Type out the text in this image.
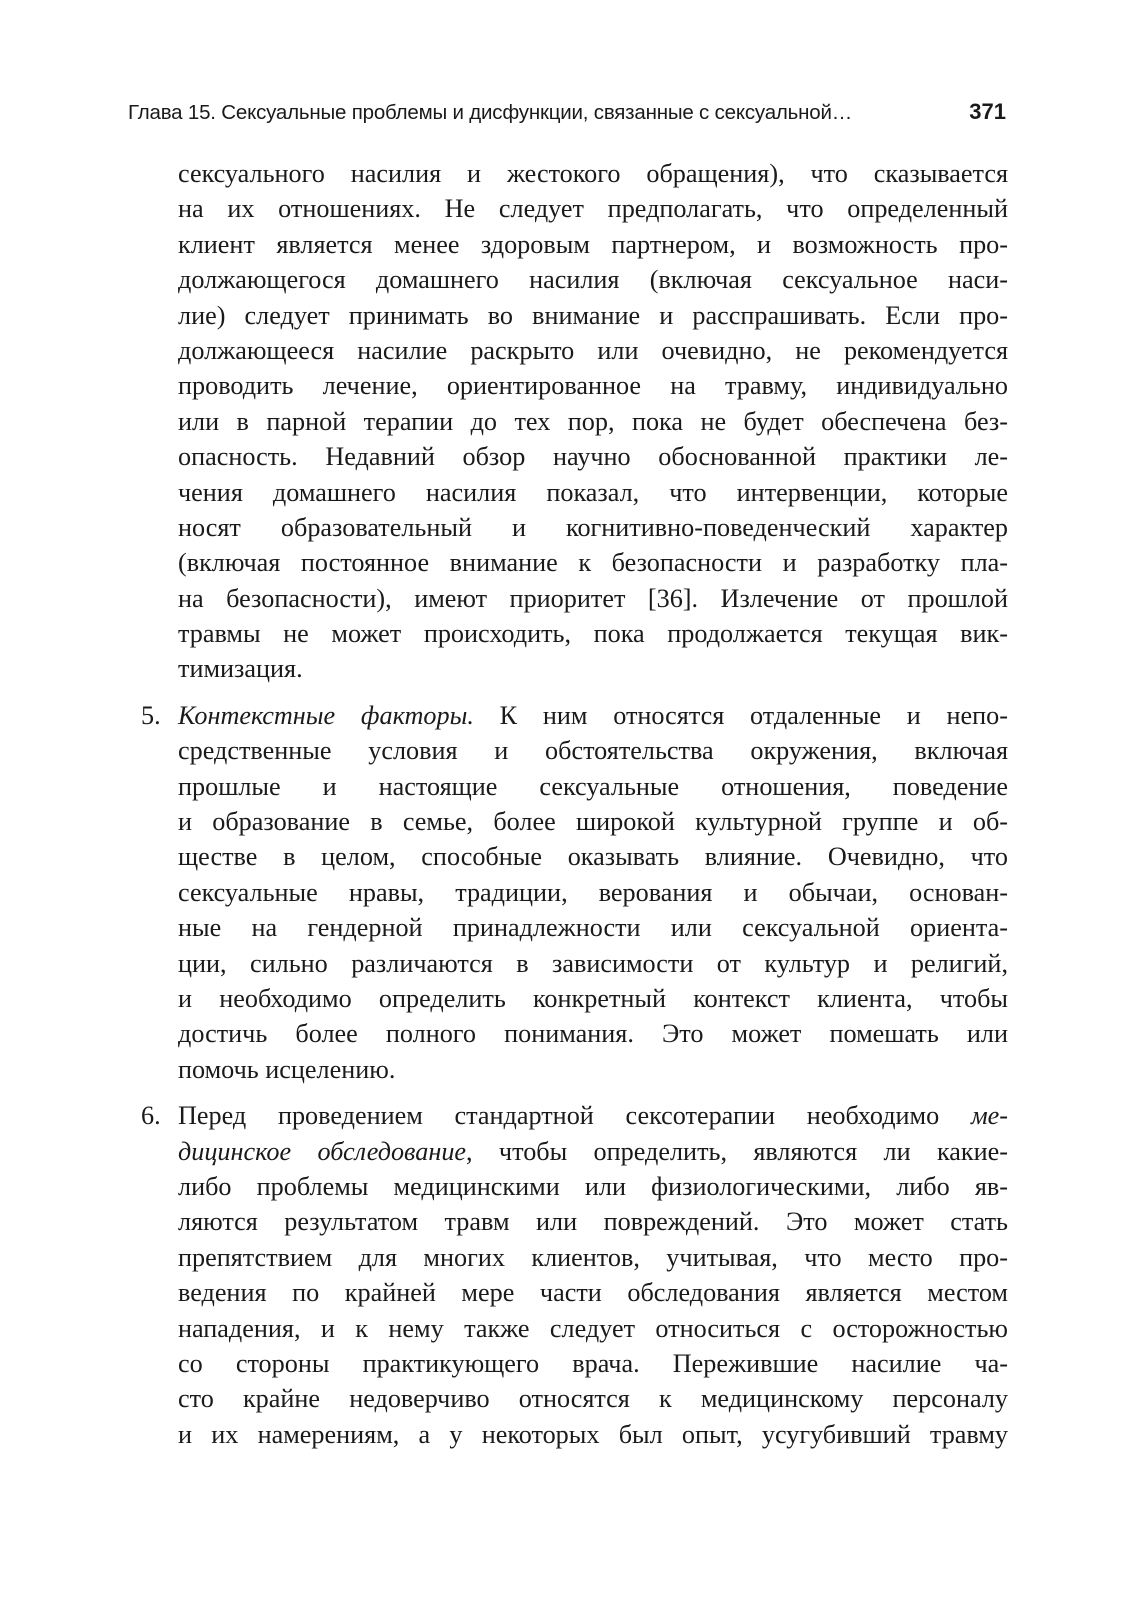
Глава 15. Сексуальные проблемы и дисфункции, связанные с сексуальной…	371
сексуального насилия и жестокого обращения), что сказывается
на их отношениях. Не следует предполагать, что определенный
клиент является менее здоровым партнером, и возможность про-
должающегося домашнего насилия (включая сексуальное наси-
лие) следует принимать во внимание и расспрашивать. Если про-
должающееся насилие раскрыто или очевидно, не рекомендуется
проводить лечение, ориентированное на травму, индивидуально
или в парной терапии до тех пор, пока не будет обеспечена без-
опасность. Недавний обзор научно обоснованной практики ле-
чения домашнего насилия показал, что интервенции, которые
носят образовательный и когнитивно-поведенческий характер
(включая постоянное внимание к безопасности и разработку пла-
на безопасности), имеют приоритет [36]. Излечение от прошлой
травмы не может происходить, пока продолжается текущая вик-
тимизация.
5. Контекстные факторы. К ним относятся отдаленные и непо-
средственные условия и обстоятельства окружения, включая
прошлые и настоящие сексуальные отношения, поведение
и образование в семье, более широкой культурной группе и об-
ществе в целом, способные оказывать влияние. Очевидно, что
сексуальные нравы, традиции, верования и обычаи, основан-
ные на гендерной принадлежности или сексуальной ориента-
ции, сильно различаются в зависимости от культур и религий,
и необходимо определить конкретный контекст клиента, чтобы
достичь более полного понимания. Это может помешать или
помочь исцелению.
6. Перед проведением стандартной сексотерапии необходимо ме-
дицинское обследование, чтобы определить, являются ли какие-
либо проблемы медицинскими или физиологическими, либо яв-
ляются результатом травм или повреждений. Это может стать
препятствием для многих клиентов, учитывая, что место про-
ведения по крайней мере части обследования является местом
нападения, и к нему также следует относиться с осторожностью
со стороны практикующего врача. Пережившие насилие ча-
сто крайне недоверчиво относятся к медицинскому персоналу
и их намерениям, а у некоторых был опыт, усугубивший травму
